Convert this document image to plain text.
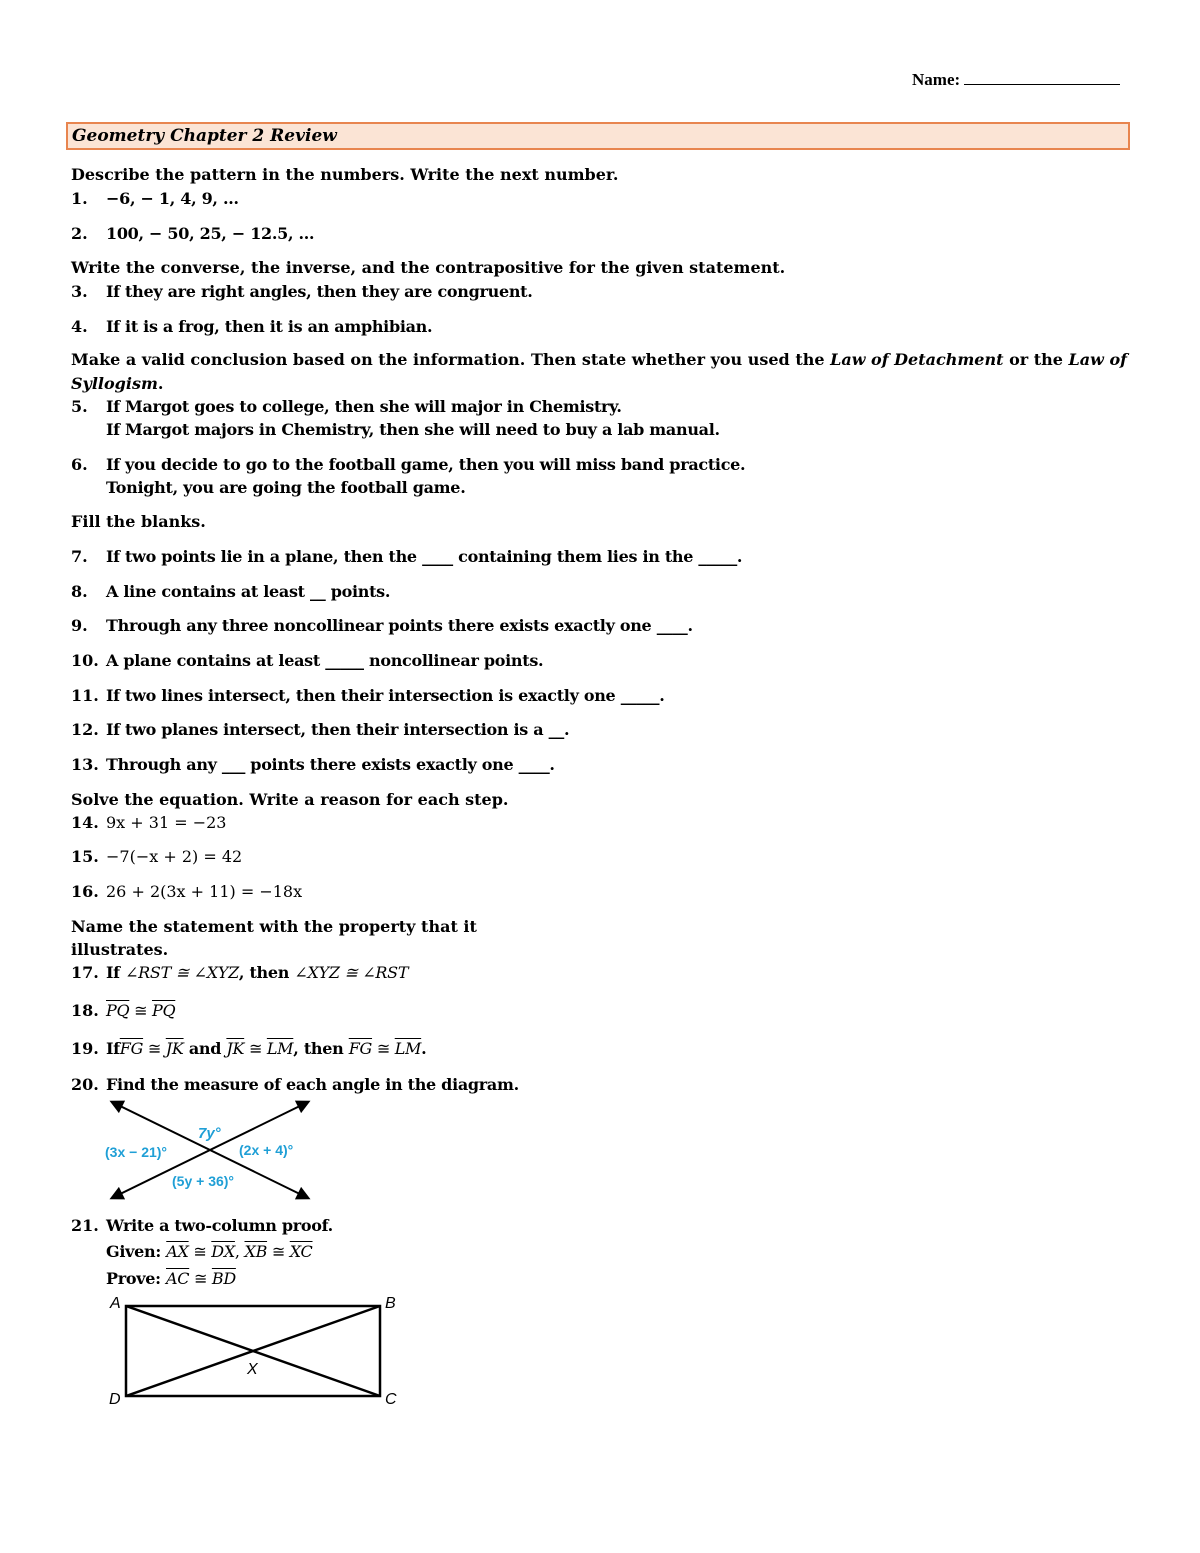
Name:
Geometry Chapter 2 Review
Describe the pattern in the numbers. Write the next number.
1. −6, − 1, 4, 9, …
2. 100, − 50, 25, − 12.5, …
Write the converse, the inverse, and the contrapositive for the given statement.
3. If they are right angles, then they are congruent.
4. If it is a frog, then it is an amphibian.
Make a valid conclusion based on the information. Then state whether you used the Law of Detachment or the Law of
Syllogism.
5. If Margot goes to college, then she will major in Chemistry.
If Margot majors in Chemistry, then she will need to buy a lab manual.
6. If you decide to go to the football game, then you will miss band practice.
Tonight, you are going the football game.
Fill the blanks.
7. If two points lie in a plane, then the ____ containing them lies in the _____.
8. A line contains at least __ points.
9. Through any three noncollinear points there exists exactly one ____.
10. A plane contains at least _____ noncollinear points.
11. If two lines intersect, then their intersection is exactly one _____.
12. If two planes intersect, then their intersection is a __.
13. Through any ___ points there exists exactly one ____.
Solve the equation. Write a reason for each step.
14. 9x + 31 = −23
15. −7(−x + 2) = 42
16. 26 + 2(3x + 11) = −18x
Name the statement with the property that it
illustrates.
17. If ∠RST ≅ ∠XYZ, then ∠XYZ ≅ ∠RST
18. $\overline{PQ}$ ≅ $\overline{PQ}$
19. $If\overline{FG}$ ≅ $\overline{JK}$ and $\overline{JK}$ ≅ $\overline{LM}$, then $\overline{FG}$ ≅ $\overline{LM}$.
20. Find the measure of each angle in the diagram.
7y°
(3x − 21)°	(2x + 4)°
(5y + 36)°
21. Write a two-column proof.
Given: $\overline{AX}$ ≅ $\overline{DX}$, $\overline{XB}$ ≅ $\overline{XC}$
Prove: $\overline{AC}$ ≅ $\overline{BD}$
A	B
C
D
X
